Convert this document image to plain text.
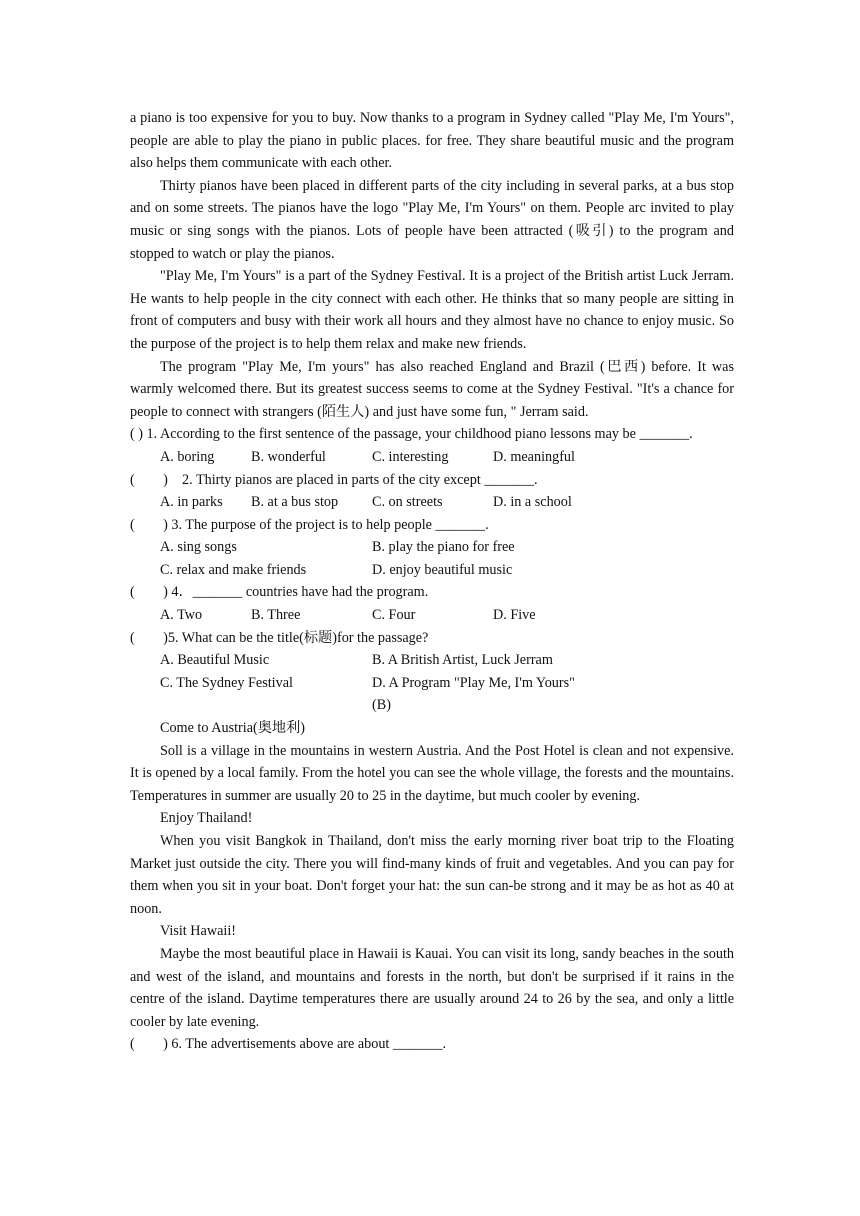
a piano is too expensive for you to buy. Now thanks to a program in Sydney called "Play Me, I'm Yours", people are able to play the piano in public places. for free. They share beautiful music and the program also helps them communicate with each other.

Thirty pianos have been placed in different parts of the city including in several parks, at a bus stop and on some streets. The pianos have the logo "Play Me, I'm Yours" on them. People arc invited to play music or sing songs with the pianos. Lots of people have been attracted (吸引) to the program and stopped to watch or play the pianos.

"Play Me, I'm Yours" is a part of the Sydney Festival. It is a project of the British artist Luck Jerram. He wants to help people in the city connect with each other. He thinks that so many people are sitting in front of computers and busy with their work all hours and they almost have no chance to enjoy music. So the purpose of the project is to help them relax and make new friends.

The program "Play Me, I'm yours" has also reached England and Brazil (巴西) before. It was warmly welcomed there. But its greatest success seems to come at the Sydney Festival. "It's a chance for people to connect with strangers (陌生人) and just have some fun, " Jerram said.

( ) 1. According to the first sentence of the passage, your childhood piano lessons may be _______.

A. boring	B. wonderful	C. interesting	D. meaningful

(        )    2. Thirty pianos are placed in parts of the city except _______.

A. in parks	B. at a bus stop	C. on streets	D. in a school

(        ) 3. The purpose of the project is to help people _______.

A. sing songs	B. play the piano for free
C. relax and make friends	D. enjoy beautiful music

(        ) 4．_______ countries have had the program.

A. Two	B. Three	C. Four	D. Five

(        )5. What can be the title(标题)for the passage?

A. Beautiful Music	B. A British Artist, Luck Jerram
C. The Sydney Festival	D. A Program "Play Me, I'm Yours"

(B)

Come to Austria(奥地利)

Soll is a village in the mountains in western Austria. And the Post Hotel is clean and not expensive. It is opened by a local family. From the hotel you can see the whole village, the forests and the mountains. Temperatures in summer are usually 20 to 25 in the daytime, but much cooler by evening.

Enjoy Thailand!

When you visit Bangkok in Thailand, don't miss the early morning river boat trip to the Floating Market just outside the city. There you will find-many kinds of fruit and vegetables. And you can pay for them when you sit in your boat. Don't forget your hat: the sun can-be strong and it may be as hot as 40 at noon.

Visit Hawaii!

Maybe the most beautiful place in Hawaii is Kauai. You can visit its long, sandy beaches in the south and west of the island, and mountains and forests in the north, but don't be surprised if it rains in the centre of the island. Daytime temperatures there are usually around 24 to 26 by the sea, and only a little cooler by late evening.

(        ) 6. The advertisements above are about _______.
